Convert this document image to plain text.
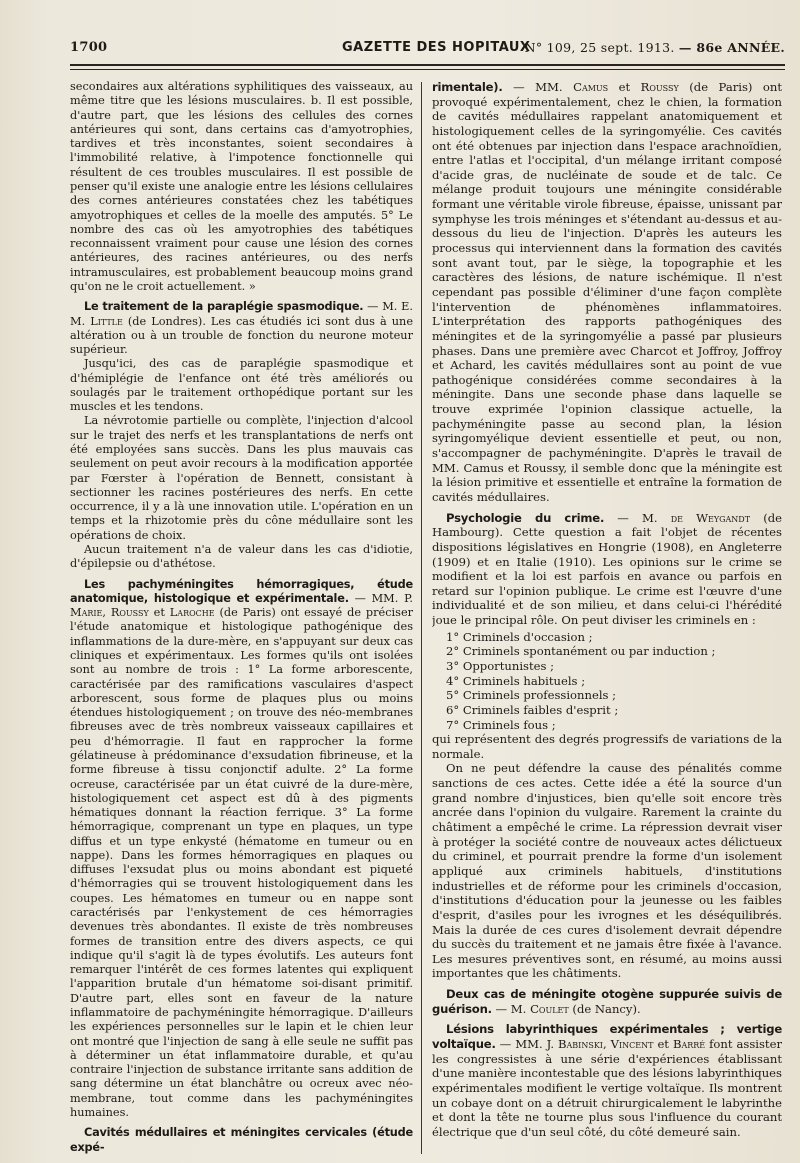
1700	GAZETTE DES HOPITAUX
N° 109, 25 sept. 1913. — 86e ANNÉE.

secondaires aux altérations syphilitiques des vaisseaux, au même titre que les lésions musculaires. b. Il est possible, d'autre part, que les lésions des cellules des cornes antérieures qui sont, dans certains cas d'amyotrophies, tardives et très inconstantes, soient secondaires à l'immobilité relative, à l'impotence fonctionnelle qui résultent de ces troubles musculaires. Il est possible de penser qu'il existe une analogie entre les lésions cellulaires des cornes antérieures constatées chez les tabétiques amyotrophiques et celles de la moelle des amputés. 5° Le nombre des cas où les amyotrophies des tabétiques reconnaissent vraiment pour cause une lésion des cornes antérieures, des racines antérieures, ou des nerfs intramusculaires, est probablement beaucoup moins grand qu'on ne le croit actuellement. »

Le traitement de la paraplégie spasmodique. — M. E. M. Little (de Londres). Les cas étudiés ici sont dus à une altération ou à un trouble de fonction du neurone moteur supérieur.

Jusqu'ici, des cas de paraplégie spasmodique et d'hémiplégie de l'enfance ont été très améliorés ou soulagés par le traitement orthopédique portant sur les muscles et les tendons.

La névrotomie partielle ou complète, l'injection d'alcool sur le trajet des nerfs et les transplantations de nerfs ont été employées sans succès. Dans les plus mauvais cas seulement on peut avoir recours à la modification apportée par Fœrster à l'opération de Bennett, consistant à sectionner les racines postérieures des nerfs. En cette occurrence, il y a là une innovation utile. L'opération en un temps et la rhizotomie près du cône médullaire sont les opérations de choix.

Aucun traitement n'a de valeur dans les cas d'idiotie, d'épilepsie ou d'athétose.

Les pachyméningites hémorragiques, étude anatomique, histologique et expérimentale. — MM. P. Marie, Roussy et Laroche (de Paris) ont essayé de préciser l'étude anatomique et histologique pathogénique des inflammations de la dure-mère, en s'appuyant sur deux cas cliniques et expérimentaux. Les formes qu'ils ont isolées sont au nombre de trois : 1° La forme arborescente, caractérisée par des ramifications vasculaires d'aspect arborescent, sous forme de plaques plus ou moins étendues histologiquement ; on trouve des néo-membranes fibreuses avec de très nombreux vaisseaux capillaires et peu d'hémorragie. Il faut en rapprocher la forme gélatineuse à prédominance d'exsudation fibrineuse, et la forme fibreuse à tissu conjonctif adulte. 2° La forme ocreuse, caractérisée par un état cuivré de la dure-mère, histologiquement cet aspect est dû à des pigments hématiques donnant la réaction ferrique. 3° La forme hémorragique, comprenant un type en plaques, un type diffus et un type enkysté (hématome en tumeur ou en nappe). Dans les formes hémorragiques en plaques ou diffuses l'exsudat plus ou moins abondant est piqueté d'hémorragies qui se trouvent histologiquement dans les coupes. Les hématomes en tumeur ou en nappe sont caractérisés par l'enkystement de ces hémorragies devenues très abondantes. Il existe de très nombreuses formes de transition entre des divers aspects, ce qui indique qu'il s'agit là de types évolutifs. Les auteurs font remarquer l'intérêt de ces formes latentes qui expliquent l'apparition brutale d'un hématome soi-disant primitif. D'autre part, elles sont en faveur de la nature inflammatoire de pachyméningite hémorragique. D'ailleurs les expériences personnelles sur le lapin et le chien leur ont montré que l'injection de sang à elle seule ne suffit pas à déterminer un état inflammatoire durable, et qu'au contraire l'injection de substance irritante sans addition de sang détermine un état blanchâtre ou ocreux avec néo-membrane, tout comme dans les pachyméningites humaines.

Cavités médullaires et méningites cervicales (étude expé-

rimentale). — MM. Camus et Roussy (de Paris) ont provoqué expérimentalement, chez le chien, la formation de cavités médullaires rappelant anatomiquement et histologiquement celles de la syringomyélie. Ces cavités ont été obtenues par injection dans l'espace arachnoïdien, entre l'atlas et l'occipital, d'un mélange irritant composé d'acide gras, de nucléinate de soude et de talc. Ce mélange produit toujours une méningite considérable formant une véritable virole fibreuse, épaisse, unissant par symphyse les trois méninges et s'étendant au-dessus et au-dessous du lieu de l'injection. D'après les auteurs les processus qui interviennent dans la formation des cavités sont avant tout, par le siège, la topographie et les caractères des lésions, de nature ischémique. Il n'est cependant pas possible d'éliminer d'une façon complète l'intervention de phénomènes inflammatoires. L'interprétation des rapports pathogéniques des méningites et de la syringomyélie a passé par plusieurs phases. Dans une première avec Charcot et Joffroy, Joffroy et Achard, les cavités médullaires sont au point de vue pathogénique considérées comme secondaires à la méningite. Dans une seconde phase dans laquelle se trouve exprimée l'opinion classique actuelle, la pachyméningite passe au second plan, la lésion syringomyélique devient essentielle et peut, ou non, s'accompagner de pachyméningite. D'après le travail de MM. Camus et Roussy, il semble donc que la méningite est la lésion primitive et essentielle et entraîne la formation de cavités médullaires.

Psychologie du crime. — M. de Weygandt (de Hambourg). Cette question a fait l'objet de récentes dispositions législatives en Hongrie (1908), en Angleterre (1909) et en Italie (1910). Les opinions sur le crime se modifient et la loi est parfois en avance ou parfois en retard sur l'opinion publique. Le crime est l'œuvre d'une individualité et de son milieu, et dans celui-ci l'hérédité joue le principal rôle. On peut diviser les criminels en :

1° Criminels d'occasion ;
2° Criminels spontanément ou par induction ;
3° Opportunistes ;
4° Criminels habituels ;
5° Criminels professionnels ;
6° Criminels faibles d'esprit ;
7° Criminels fous ;

qui représentent des degrés progressifs de variations de la normale.

On ne peut défendre la cause des pénalités comme sanctions de ces actes. Cette idée a été la source d'un grand nombre d'injustices, bien qu'elle soit encore très ancrée dans l'opinion du vulgaire. Rarement la crainte du châtiment a empêché le crime. La répression devrait viser à protéger la société contre de nouveaux actes délictueux du criminel, et pourrait prendre la forme d'un isolement appliqué aux criminels habituels, d'institutions industrielles et de réforme pour les criminels d'occasion, d'institutions d'éducation pour la jeunesse ou les faibles d'esprit, d'asiles pour les ivrognes et les déséquilibrés. Mais la durée de ces cures d'isolement devrait dépendre du succès du traitement et ne jamais être fixée à l'avance. Les mesures préventives sont, en résumé, au moins aussi importantes que les châtiments.

Deux cas de méningite otogène suppurée suivis de guérison. — M. Coulet (de Nancy).

Lésions labyrinthiques expérimentales ; vertige voltaïque. — MM. J. Babinski, Vincent et Barré font assister les congressistes à une série d'expériences établissant d'une manière incontestable que des lésions labyrinthiques expérimentales modifient le vertige voltaïque. Ils montrent un cobaye dont on a détruit chirurgicalement le labyrinthe et dont la tête ne tourne plus sous l'influence du courant électrique que d'un seul côté, du côté demeuré sain.
